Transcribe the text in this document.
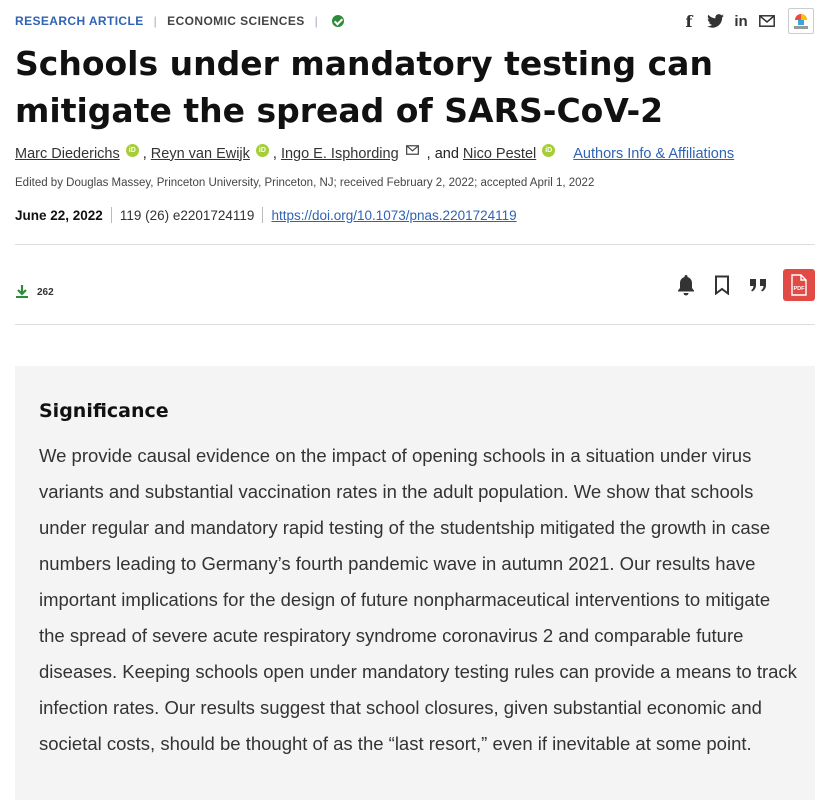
RESEARCH ARTICLE | ECONOMIC SCIENCES |	f	in
Schools under mandatory testing can
mitigate the spread of SARS-CoV-2
Marc Diederichs	iD , Reyn van Ewijk	iD , Ingo E. Isphording , and Nico Pestel	iD Authors Info & Affiliations
Edited by Douglas Massey, Princeton University, Princeton, NJ; received February 2, 2022; accepted April 1, 2022
June 22, 2022 119 (26) e2201724119 https://doi.org/10.1073/pnas.2201724119
262	PDF
Significance

We provide causal evidence on the impact of opening schools in a situation under virus variants and substantial vaccination rates in the adult population. We show that schools under regular and mandatory rapid testing of the studentship mitigated the growth in case numbers leading to Germany’s fourth pandemic wave in autumn 2021. Our results have important implications for the design of future nonpharmaceutical interventions to mitigate the spread of severe acute respiratory syndrome coronavirus 2 and comparable future diseases. Keeping schools open under mandatory testing rules can provide a means to track infection rates. Our results suggest that school closures, given substantial economic and societal costs, should be thought of as the “last resort,” even if inevitable at some point.
